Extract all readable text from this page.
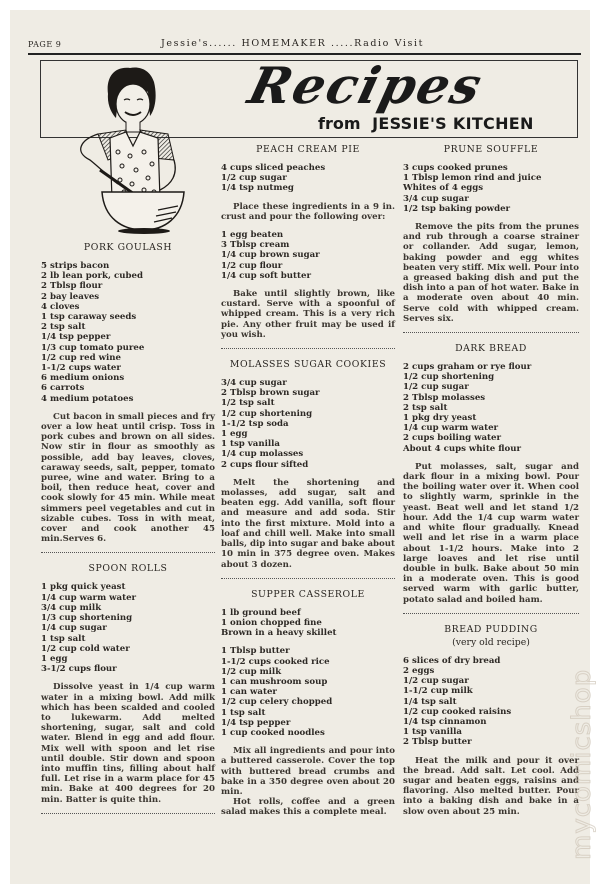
PAGE 9	Jessie's...... HOMEMAKER .....Radio Visit
Recipes
from JESSIE'S KITCHEN
PORK GOULASH
5 strips bacon
2 lb lean pork, cubed
2 Tblsp flour
2 bay leaves
4 cloves
1 tsp caraway seeds
2 tsp salt
1/4 tsp pepper
1/3 cup tomato puree
1/2 cup red wine
1-1/2 cups water
6 medium onions
6 carrots
4 medium potatoes

Cut bacon in small pieces and fry over a low heat until crisp. Toss in pork cubes and brown on all sides. Now stir in flour as smoothly as possible, add bay leaves, cloves, caraway seeds, salt, pepper, tomato puree, wine and water. Bring to a boil, then reduce heat, cover and cook slowly for 45 min. While meat simmers peel vegetables and cut in sizable cubes. Toss in with meat, cover and cook another 45 min.Serves 6.

SPOON ROLLS
1 pkg quick yeast
1/4 cup warm water
3/4 cup milk
1/3 cup shortening
1/4 cup sugar
1 tsp salt
1/2 cup cold water
1 egg
3-1/2 cups flour

Dissolve yeast in 1/4 cup warm water in a mixing bowl. Add milk which has been scalded and cooled to lukewarm. Add melted shortening, sugar, salt and cold water. Blend in egg and add flour. Mix well with spoon and let rise until double. Stir down and spoon into muffin tins, filling about half full. Let rise in a warm place for 45 min. Bake at 400 degrees for 20 min. Batter is quite thin.

PEACH CREAM PIE
4 cups sliced peaches
1/2 cup sugar
1/4 tsp nutmeg

Place these ingredients in a 9 in. crust and pour the following over:

1 egg beaten
3 Tblsp cream
1/4 cup brown sugar
1/2 cup flour
1/4 cup soft butter

Bake until slightly brown, like custard. Serve with a spoonful of whipped cream. This is a very rich pie. Any other fruit may be used if you wish.

MOLASSES SUGAR COOKIES
3/4 cup sugar
2 Tblsp brown sugar
1/2 tsp salt
1/2 cup shortening
1-1/2 tsp soda
1 egg
1 tsp vanilla
1/4 cup molasses
2 cups flour sifted

Melt the shortening and molasses, add sugar, salt and beaten egg. Add vanilla, soft flour and measure and add soda. Stir into the first mixture. Mold into a loaf and chill well. Make into small balls, dip into sugar and bake about 10 min in 375 degree oven. Makes about 3 dozen.

SUPPER CASSEROLE
1 lb ground beef
1 onion chopped fine
Brown in a heavy skillet
1 Tblsp butter
1-1/2 cups cooked rice
1/2 cup milk
1 can mushroom soup
1 can water
1/2 cup celery chopped
1 tsp salt
1/4 tsp pepper
1 cup cooked noodles

Mix all ingredients and pour into a buttered casserole. Cover the top with buttered bread crumbs and bake in a 350 degree oven about 20 min.

Hot rolls, coffee and a green salad makes this a complete meal.

PRUNE SOUFFLE
3 cups cooked prunes
1 Tblsp lemon rind and juice
Whites of 4 eggs
3/4 cup sugar
1/2 tsp baking powder

Remove the pits from the prunes and rub through a coarse strainer or collander. Add sugar, lemon, baking powder and egg whites beaten very stiff. Mix well. Pour into a greased baking dish and put the dish into a pan of hot water. Bake in a moderate oven about 40 min. Serve cold with whipped cream. Serves six.

DARK BREAD
2 cups graham or rye flour
1/2 cup shortening
1/2 cup sugar
2 Tblsp molasses
2 tsp salt
1 pkg dry yeast
1/4 cup warm water
2 cups boiling water
About 4 cups white flour

Put molasses, salt, sugar and dark flour in a mixing bowl. Pour the boiling water over it. When cool to slightly warm, sprinkle in the yeast. Beat well and let stand 1/2 hour. Add the 1/4 cup warm water and white flour gradually. Knead well and let rise in a warm place about 1-1/2 hours. Make into 2 large loaves and let rise until double in bulk. Bake about 50 min in a moderate oven. This is good served warm with garlic butter, potato salad and boiled ham.

BREAD PUDDING
(very old recipe)
6 slices of dry bread
2 eggs
1/2 cup sugar
1-1/2 cup milk
1/4 tsp salt
1/2 cup cooked raisins
1/4 tsp cinnamon
1 tsp vanilla
2 Tblsp butter

Heat the milk and pour it over the bread. Add salt. Let cool. Add sugar and beaten eggs, raisins and flavoring. Also melted butter. Pour into a baking dish and bake in a slow oven about 25 min.	mycomicshop
